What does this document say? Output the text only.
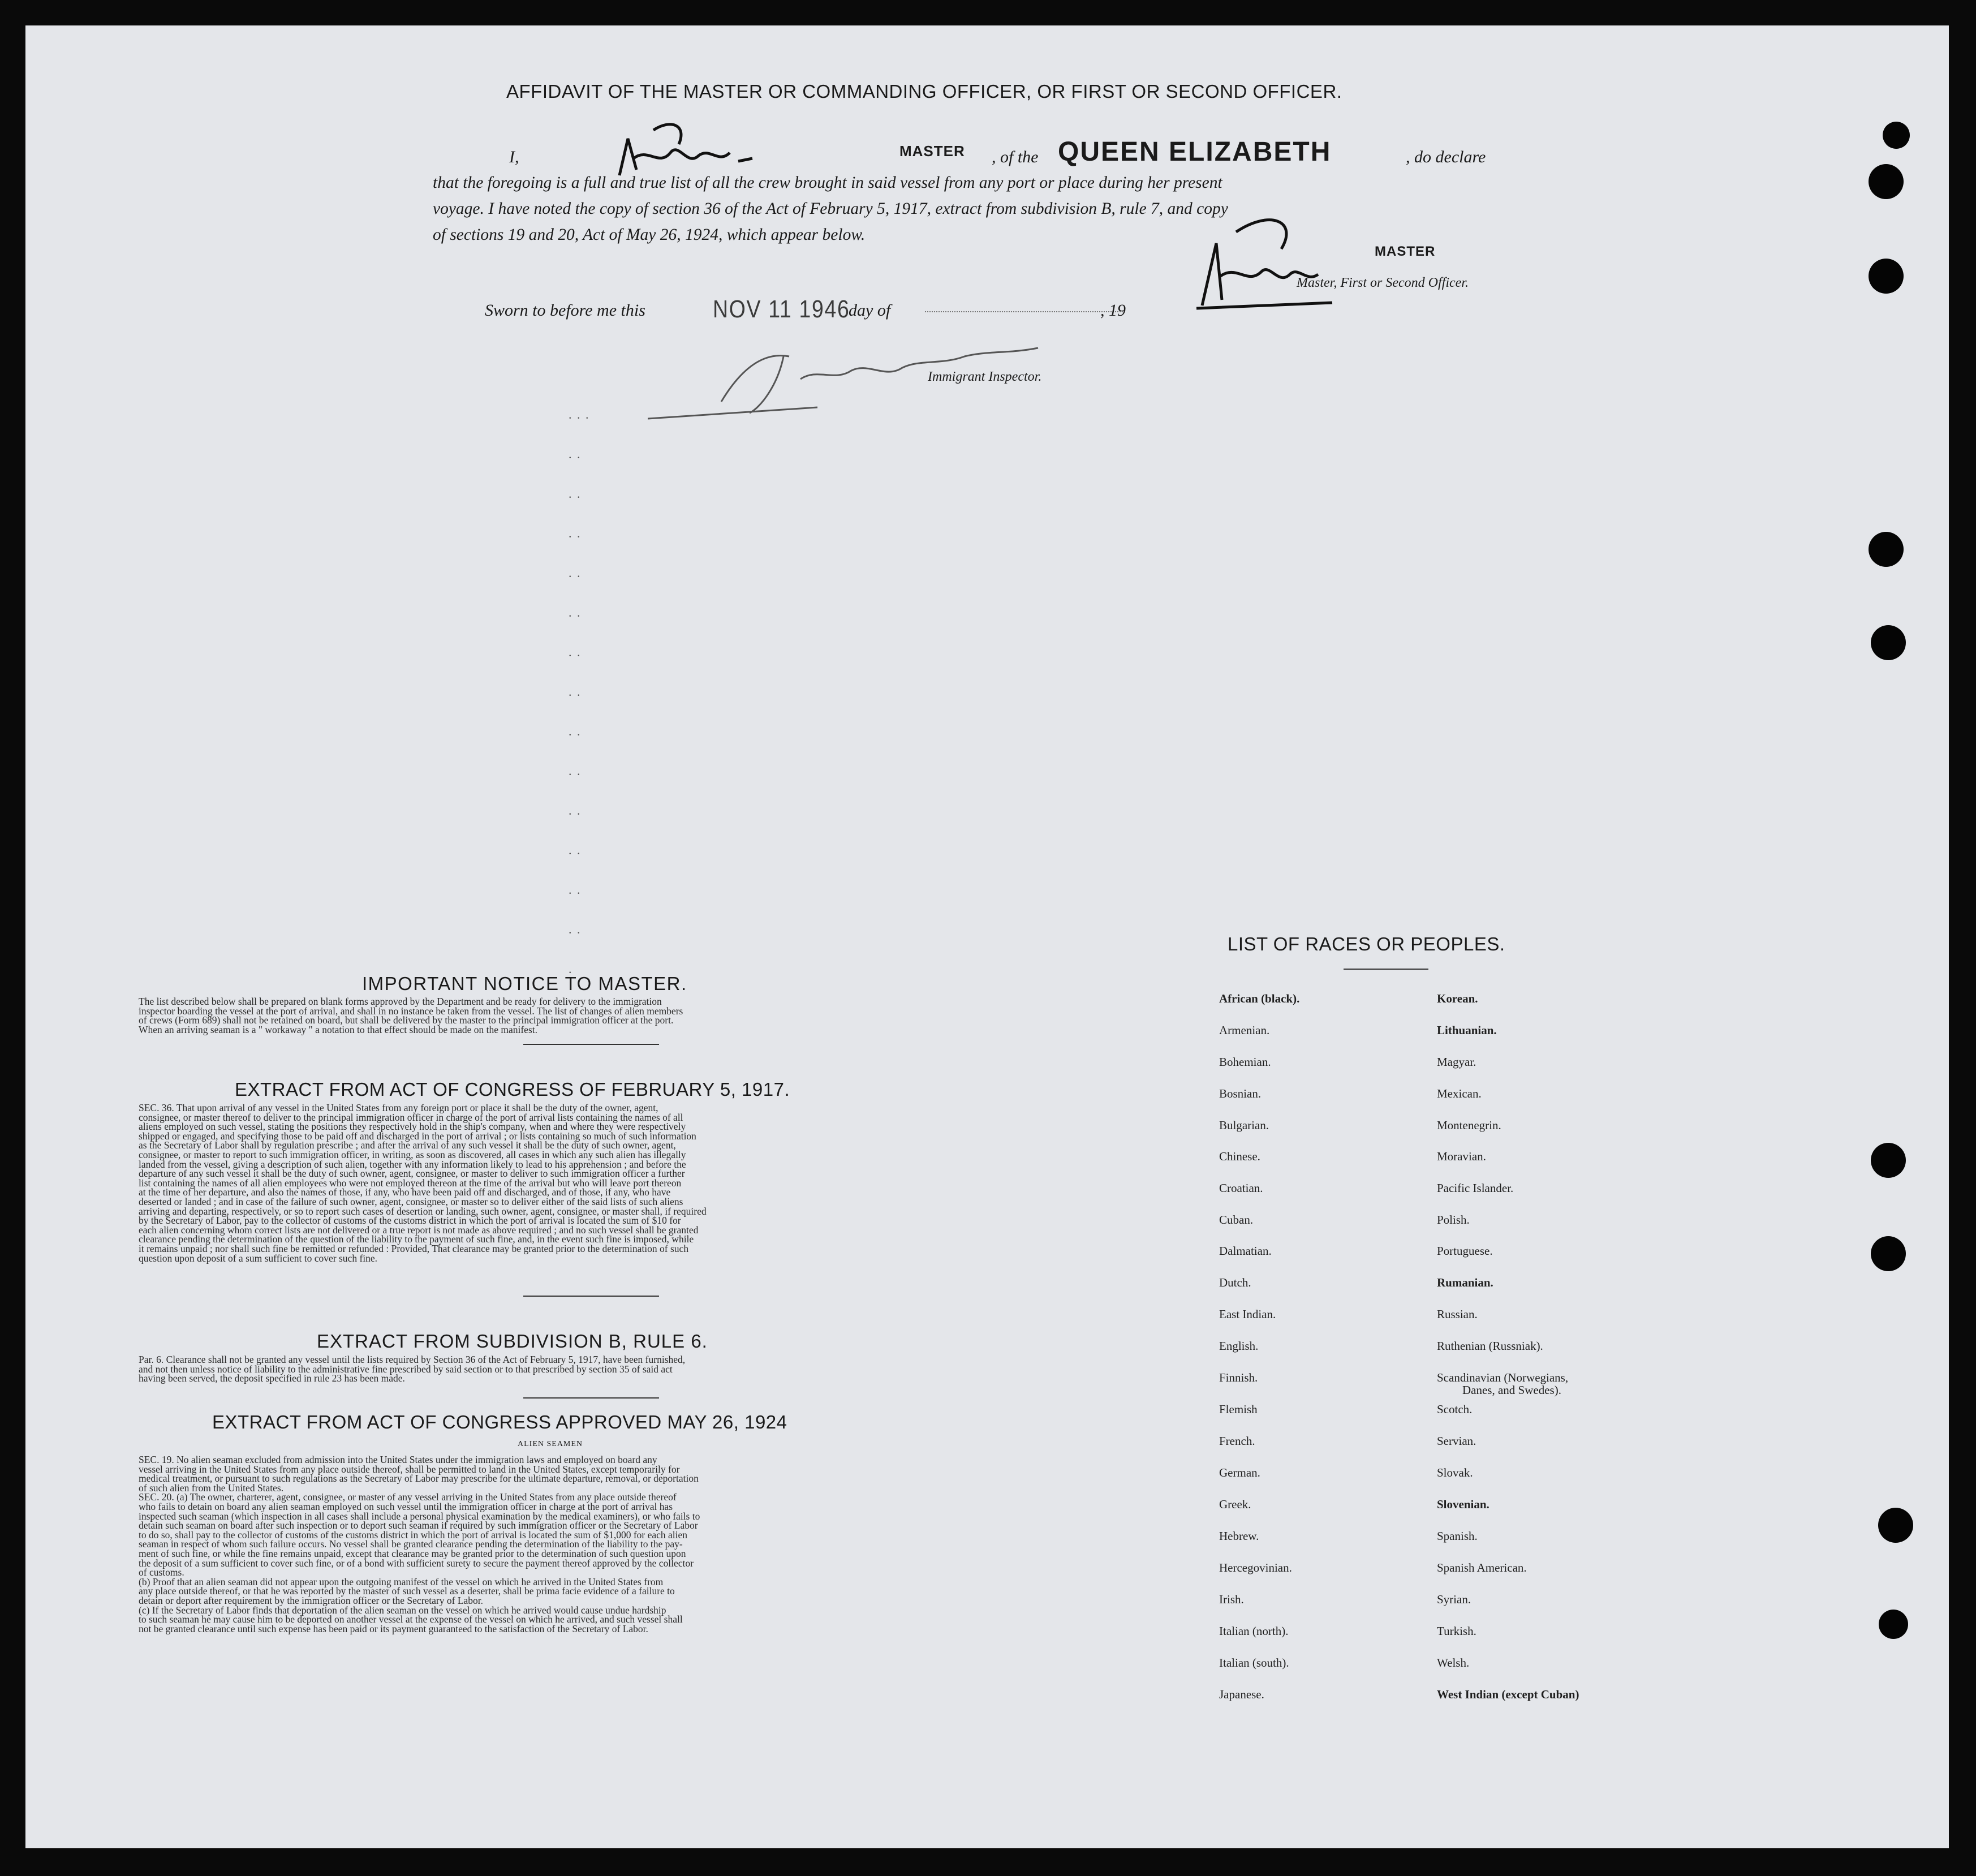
AFFIDAVIT OF THE MASTER OR COMMANDING OFFICER, OR FIRST OR SECOND OFFICER.
I,	MASTER , of the QUEEN ELIZABETH	, do declare
that the foregoing is a full and true list of all the crew brought in said vessel from any port or place during her present
voyage. I have noted the copy of section 36 of the Act of February 5, 1917, extract from subdivision B, rule 7, and copy
of sections 19 and 20, Act of May 26, 1924, which appear below.
MASTER
Master, First or Second Officer.
Sworn to before me this	NOV 11 1946
day of	, 19
Immigrant Inspector.
. . .
. .
. .
. .
. .
. .
. .
. .
. .
. .
. .
. .
. .
. .
.
IMPORTANT NOTICE TO MASTER.
The list described below shall be prepared on blank forms approved by the Department and be ready for delivery to the immigration
inspector boarding the vessel at the port of arrival, and shall in no instance be taken from the vessel. The list of changes of alien members
of crews (Form 689) shall not be retained on board, but shall be delivered by the master to the principal immigration officer at the port.
When an arriving seaman is a " workaway " a notation to that effect should be made on the manifest.
EXTRACT FROM ACT OF CONGRESS OF FEBRUARY 5, 1917.
SEC. 36. That upon arrival of any vessel in the United States from any foreign port or place it shall be the duty of the owner, agent,
consignee, or master thereof to deliver to the principal immigration officer in charge of the port of arrival lists containing the names of all
aliens employed on such vessel, stating the positions they respectively hold in the ship's company, when and where they were respectively
shipped or engaged, and specifying those to be paid off and discharged in the port of arrival ; or lists containing so much of such information
as the Secretary of Labor shall by regulation prescribe ; and after the arrival of any such vessel it shall be the duty of such owner, agent,
consignee, or master to report to such immigration officer, in writing, as soon as discovered, all cases in which any such alien has illegally
landed from the vessel, giving a description of such alien, together with any information likely to lead to his apprehension ; and before the
departure of any such vessel it shall be the duty of such owner, agent, consignee, or master to deliver to such immigration officer a further
list containing the names of all alien employees who were not employed thereon at the time of the arrival but who will leave port thereon
at the time of her departure, and also the names of those, if any, who have been paid off and discharged, and of those, if any, who have
deserted or landed ; and in case of the failure of such owner, agent, consignee, or master so to deliver either of the said lists of such aliens
arriving and departing, respectively, or so to report such cases of desertion or landing, such owner, agent, consignee, or master shall, if required
by the Secretary of Labor, pay to the collector of customs of the customs district in which the port of arrival is located the sum of $10 for
each alien concerning whom correct lists are not delivered or a true report is not made as above required ; and no such vessel shall be granted
clearance pending the determination of the question of the liability to the payment of such fine, and, in the event such fine is imposed, while
it remains unpaid ; nor shall such fine be remitted or refunded : Provided, That clearance may be granted prior to the determination of such
question upon deposit of a sum sufficient to cover such fine.
EXTRACT FROM SUBDIVISION B, RULE 6.
Par. 6. Clearance shall not be granted any vessel until the lists required by Section 36 of the Act of February 5, 1917, have been furnished,
and not then unless notice of liability to the administrative fine prescribed by said section or to that prescribed by section 35 of said act
having been served, the deposit specified in rule 23 has been made.
EXTRACT FROM ACT OF CONGRESS APPROVED MAY 26, 1924
ALIEN SEAMEN
SEC. 19. No alien seaman excluded from admission into the United States under the immigration laws and employed on board any
vessel arriving in the United States from any place outside thereof, shall be permitted to land in the United States, except temporarily for
medical treatment, or pursuant to such regulations as the Secretary of Labor may prescribe for the ultimate departure, removal, or deportation
of such alien from the United States.
SEC. 20. (a) The owner, charterer, agent, consignee, or master of any vessel arriving in the United States from any place outside thereof
who fails to detain on board any alien seaman employed on such vessel until the immigration officer in charge at the port of arrival has
inspected such seaman (which inspection in all cases shall include a personal physical examination by the medical examiners), or who fails to
detain such seaman on board after such inspection or to deport such seaman if required by such immigration officer or the Secretary of Labor
to do so, shall pay to the collector of customs of the customs district in which the port of arrival is located the sum of $1,000 for each alien
seaman in respect of whom such failure occurs. No vessel shall be granted clearance pending the determination of the liability to the pay-
ment of such fine, or while the fine remains unpaid, except that clearance may be granted prior to the determination of such question upon
the deposit of a sum sufficient to cover such fine, or of a bond with sufficient surety to secure the payment thereof approved by the collector
of customs.
(b) Proof that an alien seaman did not appear upon the outgoing manifest of the vessel on which he arrived in the United States from
any place outside thereof, or that he was reported by the master of such vessel as a deserter, shall be prima facie evidence of a failure to
detain or deport after requirement by the immigration officer or the Secretary of Labor.
(c) If the Secretary of Labor finds that deportation of the alien seaman on the vessel on which he arrived would cause undue hardship
to such seaman he may cause him to be deported on another vessel at the expense of the vessel on which he arrived, and such vessel shall
not be granted clearance until such expense has been paid or its payment guaranteed to the satisfaction of the Secretary of Labor.
LIST OF RACES OR PEOPLES.
African (black).
Armenian.
Bohemian.
Bosnian.
Bulgarian.
Chinese.
Croatian.
Cuban.
Dalmatian.
Dutch.
East Indian.
English.
Finnish.
Flemish
French.
German.
Greek.
Hebrew.
Hercegovinian.
Irish.
Italian (north).
Italian (south).
Japanese.
Korean.
Lithuanian.
Magyar.
Mexican.
Montenegrin.
Moravian.
Pacific Islander.
Polish.
Portuguese.
Rumanian.
Russian.
Ruthenian (Russniak).
Scandinavian (Norwegians,
Danes, and Swedes).
Scotch.
Servian.
Slovak.
Slovenian.
Spanish.
Spanish American.
Syrian.
Turkish.
Welsh.
West Indian (except Cuban)
